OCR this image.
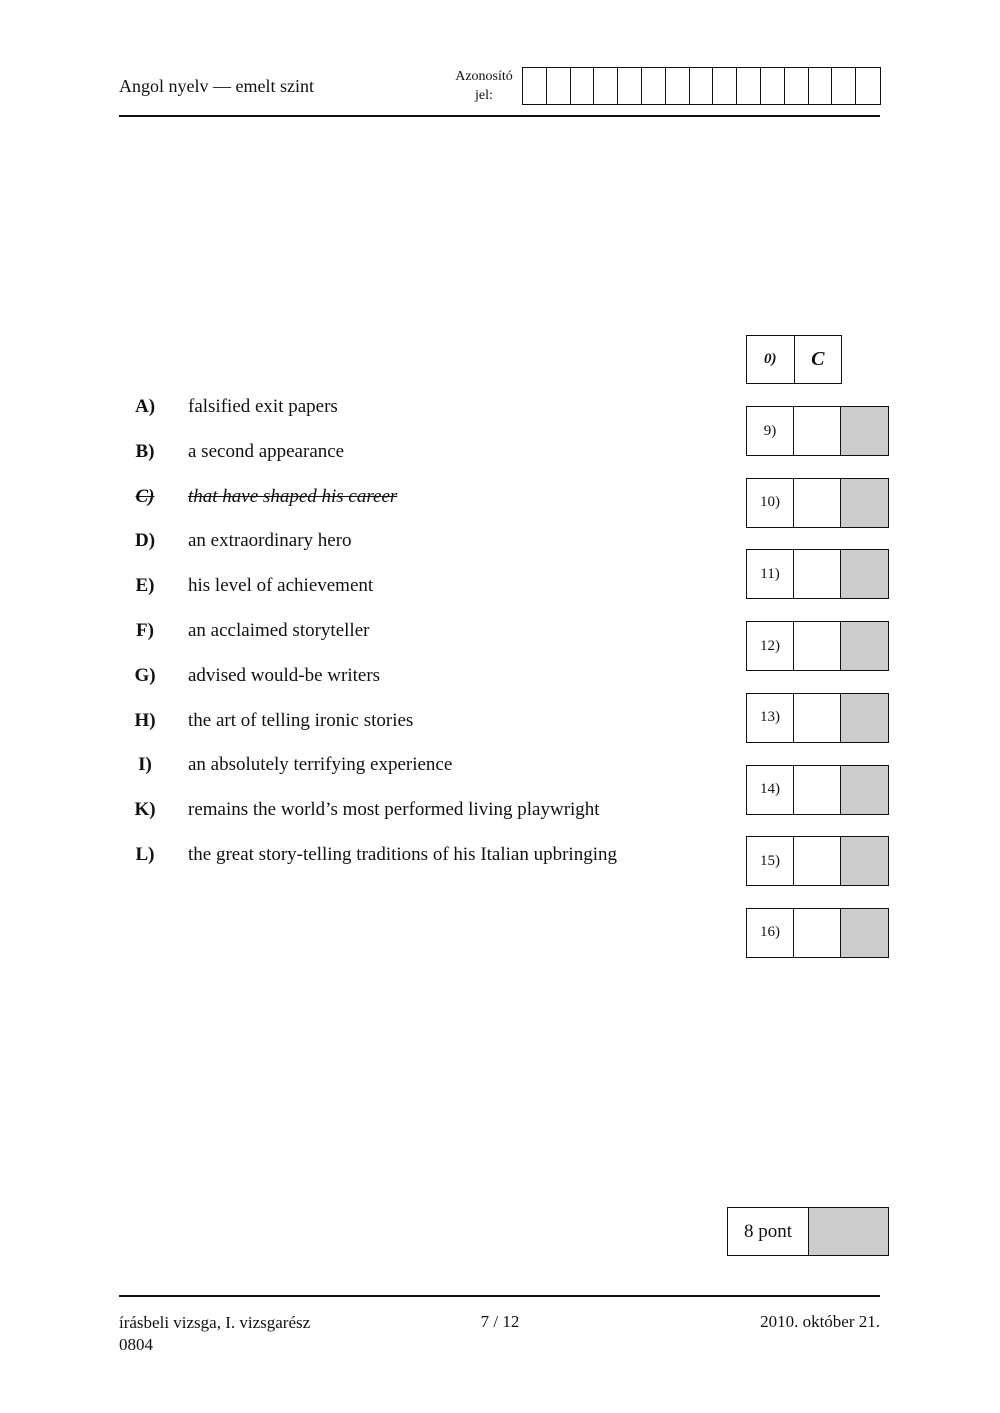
Angol nyelv — emelt szint	Azonosító
jel:
0)	C
A)	falsified exit papers
B)	a second appearance
C)	that have shaped his career
D)	an extraordinary hero
E)	his level of achievement
F)	an acclaimed storyteller
G)	advised would-be writers
H)	the art of telling ironic stories
I)	an absolutely terrifying experience
K)	remains the world’s most performed living playwright
L)	the great story-telling traditions of his Italian upbringing
9)
10)
11)
12)
13)
14)
15)
16)
8 pont
írásbeli vizsga, I. vizsgarész
0804
7 / 12	2010. október 21.
